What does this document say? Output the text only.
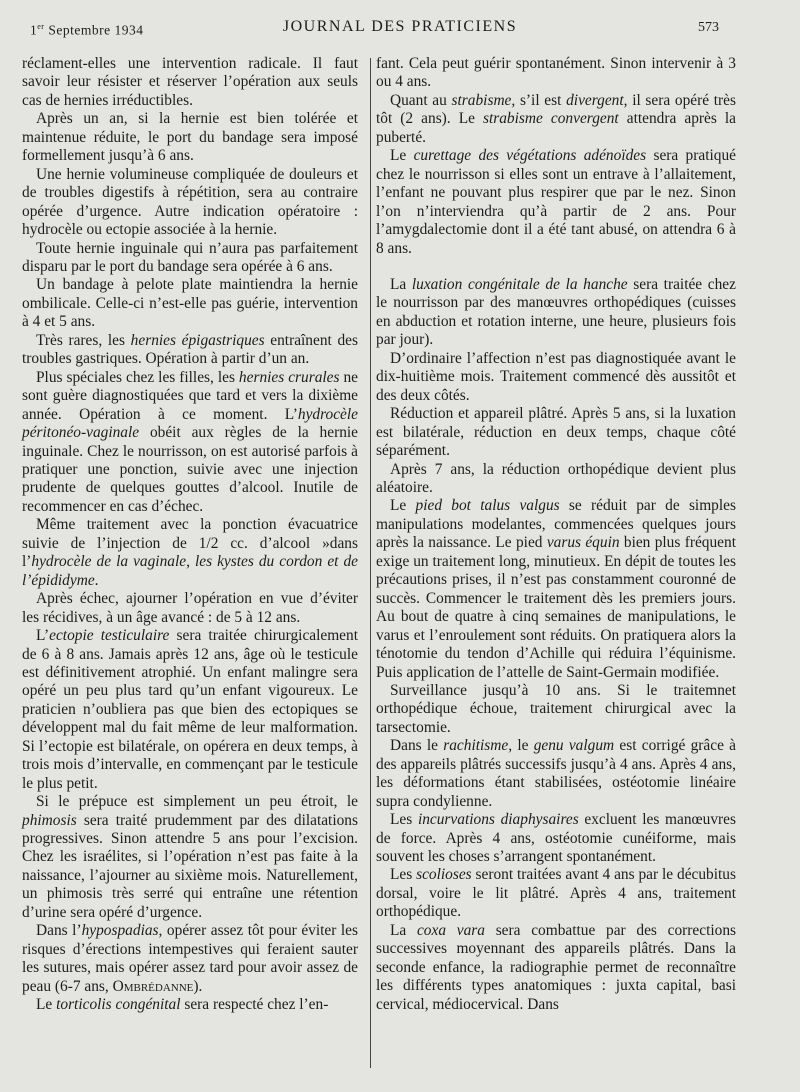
1er Septembre 1934	JOURNAL DES PRATICIENS	573

réclament-elles une intervention radicale. Il faut savoir leur résister et réserver l’opération aux seuls cas de hernies irréductibles.

Après un an, si la hernie est bien tolérée et maintenue réduite, le port du bandage sera imposé formellement jusqu’à 6 ans.

Une hernie volumineuse compliquée de douleurs et de troubles digestifs à répétition, sera au contraire opérée d’urgence. Autre indication opératoire : hydrocèle ou ectopie associée à la hernie.

Toute hernie inguinale qui n’aura pas parfaitement disparu par le port du bandage sera opérée à 6 ans.

Un bandage à pelote plate maintiendra la hernie ombilicale. Celle-ci n’est-elle pas guérie, intervention à 4 et 5 ans.

Très rares, les hernies épigastriques entraînent des troubles gastriques. Opération à partir d’un an.

Plus spéciales chez les filles, les hernies crurales ne sont guère diagnostiquées que tard et vers la dixième année. Opération à ce moment. L’hydrocèle péritonéo-vaginale obéit aux règles de la hernie inguinale. Chez le nourrisson, on est autorisé parfois à pratiquer une ponction, suivie avec une injection prudente de quelques gouttes d’alcool. Inutile de recommencer en cas d’échec.

Même traitement avec la ponction évacuatrice suivie de l’injection de 1/2 cc. d’alcool »dans l’hydrocèle de la vaginale, les kystes du cordon et de l’épididyme.

Après échec, ajourner l’opération en vue d’éviter les récidives, à un âge avancé : de 5 à 12 ans.

L’ectopie testiculaire sera traitée chirurgicalement de 6 à 8 ans. Jamais après 12 ans, âge où le testicule est définitivement atrophié. Un enfant malingre sera opéré un peu plus tard qu’un enfant vigoureux. Le praticien n’oubliera pas que bien des ectopiques se développent mal du fait même de leur malformation. Si l’ectopie est bilatérale, on opérera en deux temps, à trois mois d’intervalle, en commençant par le testicule le plus petit.

Si le prépuce est simplement un peu étroit, le phimosis sera traité prudemment par des dilatations progressives. Sinon attendre 5 ans pour l’excision. Chez les israélites, si l’opération n’est pas faite à la naissance, l’ajourner au sixième mois. Naturellement, un phimosis très serré qui entraîne une rétention d’urine sera opéré d’urgence.

Dans l’hypospadias, opérer assez tôt pour éviter les risques d’érections intempestives qui feraient sauter les sutures, mais opérer assez tard pour avoir assez de peau (6-7 ans, Ombrédanne).

Le torticolis congénital sera respecté chez l’en-

fant. Cela peut guérir spontanément. Sinon intervenir à 3 ou 4 ans.

Quant au strabisme, s’il est divergent, il sera opéré très tôt (2 ans). Le strabisme convergent attendra après la puberté.

Le curettage des végétations adénoïdes sera pratiqué chez le nourrisson si elles sont un entrave à l’allaitement, l’enfant ne pouvant plus respirer que par le nez. Sinon l’on n’interviendra qu’à partir de 2 ans. Pour l’amygdalectomie dont il a été tant abusé, on attendra 6 à 8 ans.

La luxation congénitale de la hanche sera traitée chez le nourrisson par des manœuvres orthopédiques (cuisses en abduction et rotation interne, une heure, plusieurs fois par jour).

D’ordinaire l’affection n’est pas diagnostiquée avant le dix-huitième mois. Traitement commencé dès aussitôt et des deux côtés.

Réduction et appareil plâtré. Après 5 ans, si la luxation est bilatérale, réduction en deux temps, chaque côté séparément.

Après 7 ans, la réduction orthopédique devient plus aléatoire.

Le pied bot talus valgus se réduit par de simples manipulations modelantes, commencées quelques jours après la naissance. Le pied varus équin bien plus fréquent exige un traitement long, minutieux. En dépit de toutes les précautions prises, il n’est pas constamment couronné de succès. Commencer le traitement dès les premiers jours. Au bout de quatre à cinq semaines de manipulations, le varus et l’enroulement sont réduits. On pratiquera alors la ténotomie du tendon d’Achille qui réduira l’équinisme. Puis application de l’attelle de Saint-Germain modifiée.

Surveillance jusqu’à 10 ans. Si le traitemnet orthopédique échoue, traitement chirurgical avec la tarsectomie.

Dans le rachitisme, le genu valgum est corrigé grâce à des appareils plâtrés successifs jusqu’à 4 ans. Après 4 ans, les déformations étant stabilisées, ostéotomie linéaire supra condylienne.

Les incurvations diaphysaires excluent les manœuvres de force. Après 4 ans, ostéotomie cunéiforme, mais souvent les choses s’arrangent spontanément.

Les scolioses seront traitées avant 4 ans par le décubitus dorsal, voire le lit plâtré. Après 4 ans, traitement orthopédique.

La coxa vara sera combattue par des corrections successives moyennant des appareils plâtrés. Dans la seconde enfance, la radiographie permet de reconnaître les différents types anatomiques : juxta capital, basi cervical, médiocervical. Dans
